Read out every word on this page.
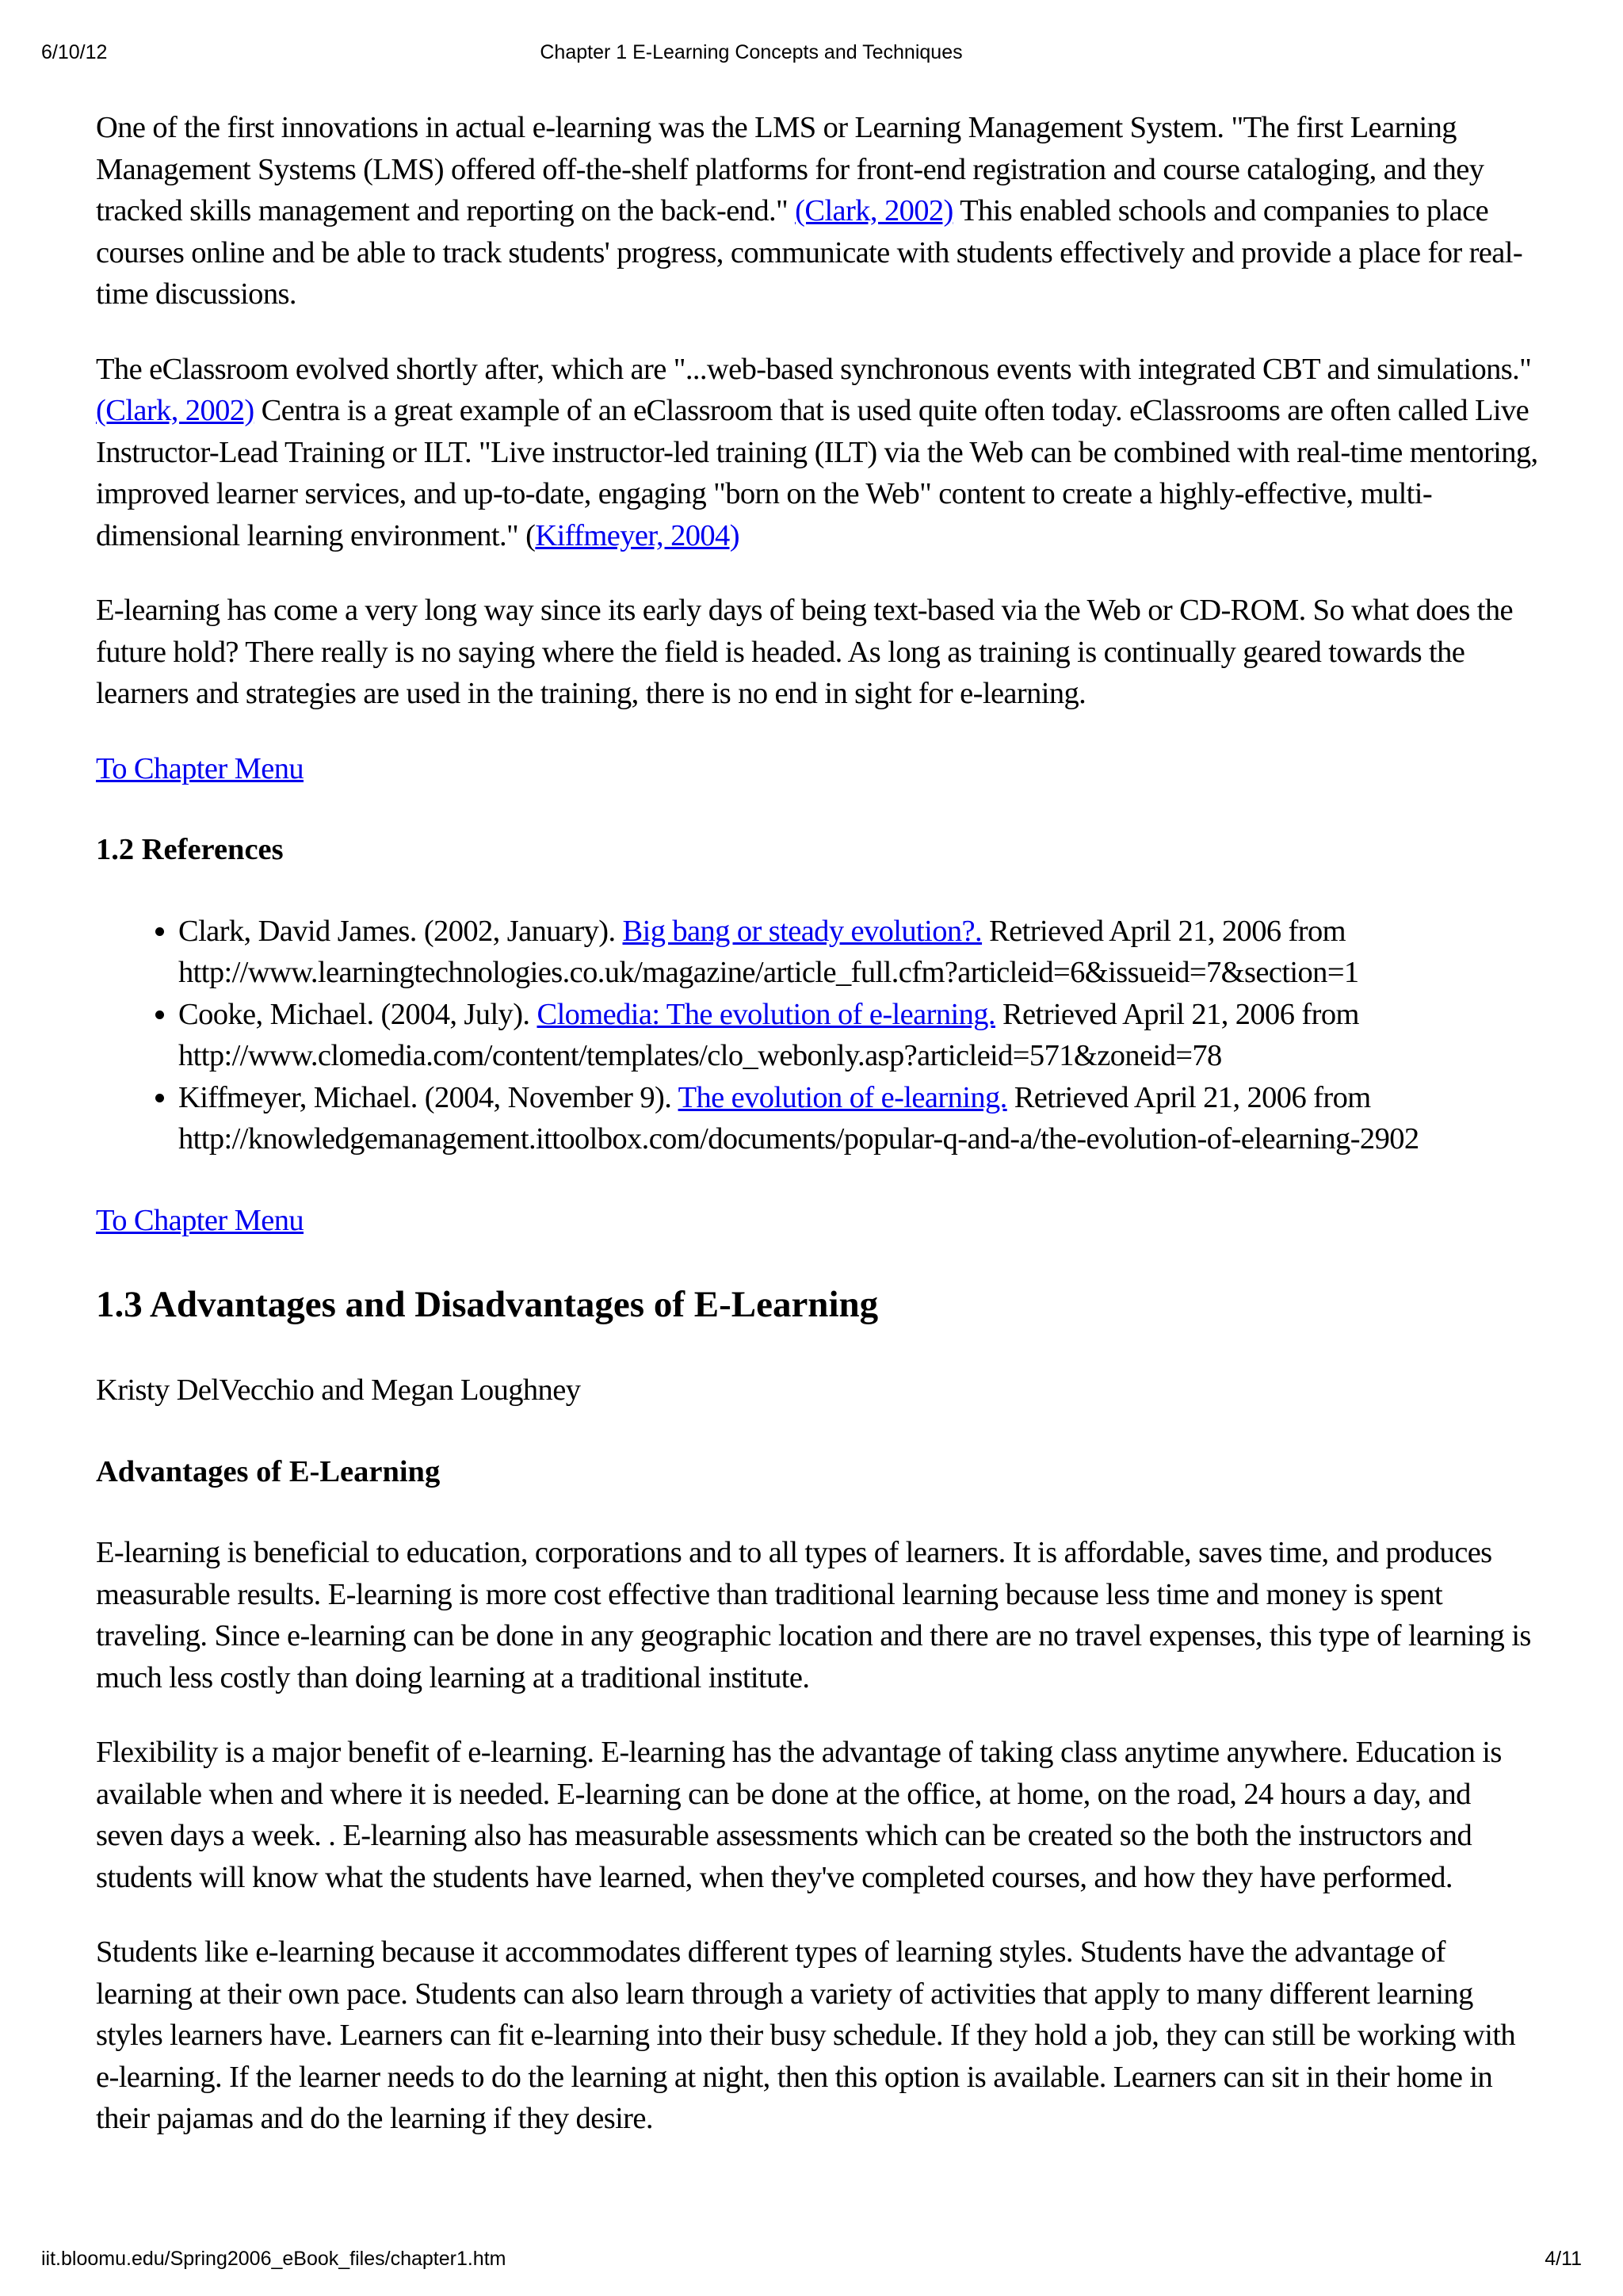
6/10/12	Chapter 1 E-Learning Concepts and Techniques

One of the first innovations in actual e-learning was the LMS or Learning Management System. "The first Learning Management Systems (LMS) offered off-the-shelf platforms for front-end registration and course cataloging, and they tracked skills management and reporting on the back-end." (Clark, 2002) This enabled schools and companies to place courses online and be able to track students' progress, communicate with students effectively and provide a place for real-time discussions.

The eClassroom evolved shortly after, which are "...web-based synchronous events with integrated CBT and simulations." (Clark, 2002) Centra is a great example of an eClassroom that is used quite often today. eClassrooms are often called Live Instructor-Lead Training or ILT. "Live instructor-led training (ILT) via the Web can be combined with real-time mentoring, improved learner services, and up-to-date, engaging "born on the Web" content to create a highly-effective, multi-dimensional learning environment." (Kiffmeyer, 2004)

E-learning has come a very long way since its early days of being text-based via the Web or CD-ROM. So what does the future hold? There really is no saying where the field is headed. As long as training is continually geared towards the learners and strategies are used in the training, there is no end in sight for e-learning.

To Chapter Menu
1.2 References
• Clark, David James. (2002, January). Big bang or steady evolution?. Retrieved April 21, 2006 from http://www.learningtechnologies.co.uk/magazine/article_full.cfm?articleid=6&issueid=7&section=1
• Cooke, Michael. (2004, July). Clomedia: The evolution of e-learning. Retrieved April 21, 2006 from http://www.clomedia.com/content/templates/clo_webonly.asp?articleid=571&zoneid=78
• Kiffmeyer, Michael. (2004, November 9). The evolution of e-learning. Retrieved April 21, 2006 from http://knowledgemanagement.ittoolbox.com/documents/popular-q-and-a/the-evolution-of-elearning-2902
To Chapter Menu
1.3 Advantages and Disadvantages of E-Learning
Kristy DelVecchio and Megan Loughney
Advantages of E-Learning

E-learning is beneficial to education, corporations and to all types of learners. It is affordable, saves time, and produces measurable results. E-learning is more cost effective than traditional learning because less time and money is spent traveling. Since e-learning can be done in any geographic location and there are no travel expenses, this type of learning is much less costly than doing learning at a traditional institute.

Flexibility is a major benefit of e-learning. E-learning has the advantage of taking class anytime anywhere. Education is available when and where it is needed. E-learning can be done at the office, at home, on the road, 24 hours a day, and seven days a week. . E-learning also has measurable assessments which can be created so the both the instructors and students will know what the students have learned, when they've completed courses, and how they have performed.

Students like e-learning because it accommodates different types of learning styles. Students have the advantage of learning at their own pace. Students can also learn through a variety of activities that apply to many different learning styles learners have. Learners can fit e-learning into their busy schedule. If they hold a job, they can still be working with e-learning. If the learner needs to do the learning at night, then this option is available. Learners can sit in their home in their pajamas and do the learning if they desire.

iit.bloomu.edu/Spring2006_eBook_files/chapter1.htm	4/11
